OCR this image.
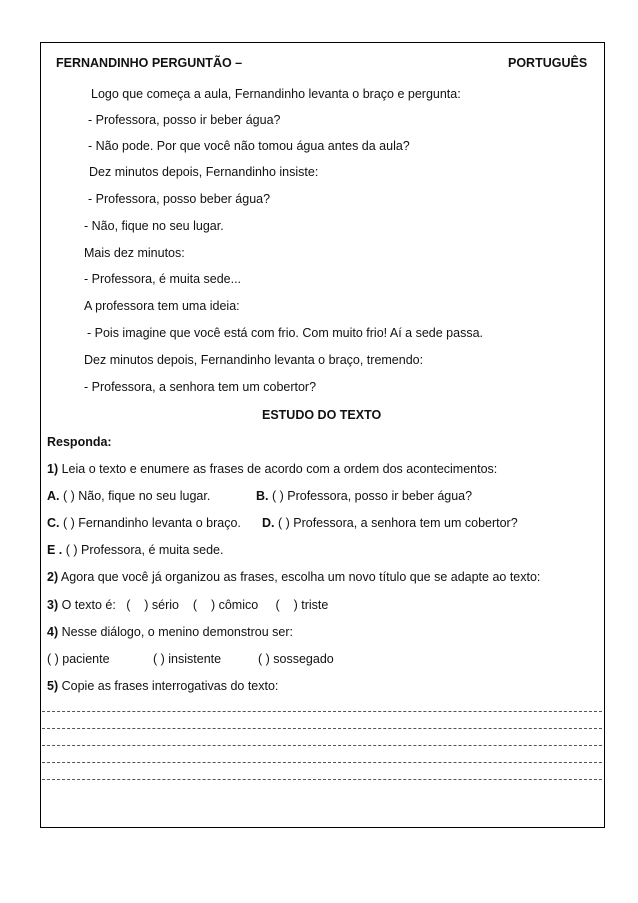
FERNANDINHO PERGUNTÃO –	PORTUGUÊS
Logo que começa a aula, Fernandinho levanta o braço e pergunta:
- Professora, posso ir beber água?
- Não pode. Por que você não tomou água antes da aula?
Dez minutos depois, Fernandinho insiste:
- Professora, posso beber água?
- Não, fique no seu lugar.
Mais dez minutos:
- Professora, é muita sede...
A professora tem uma ideia:
- Pois imagine que você está com frio. Com muito frio! Aí a sede passa.
Dez minutos depois, Fernandinho levanta o braço, tremendo:
- Professora, a senhora tem um cobertor?
ESTUDO DO TEXTO
Responda:
1) Leia o texto e enumere as frases de acordo com a ordem dos acontecimentos:
A. ( ) Não, fique no seu lugar.	B. ( ) Professora, posso ir beber água?
C. ( ) Fernandinho levanta o braço. D. ( ) Professora, a senhora tem um cobertor?
E . ( ) Professora, é muita sede.
2) Agora que você já organizou as frases, escolha um novo título que se adapte ao texto:
3) O texto é:   (    ) sério    (    ) cômico     (    ) triste
4) Nesse diálogo, o menino demonstrou ser:
( ) paciente	( ) insistente	( ) sossegado
5) Copie as frases interrogativas do texto:
